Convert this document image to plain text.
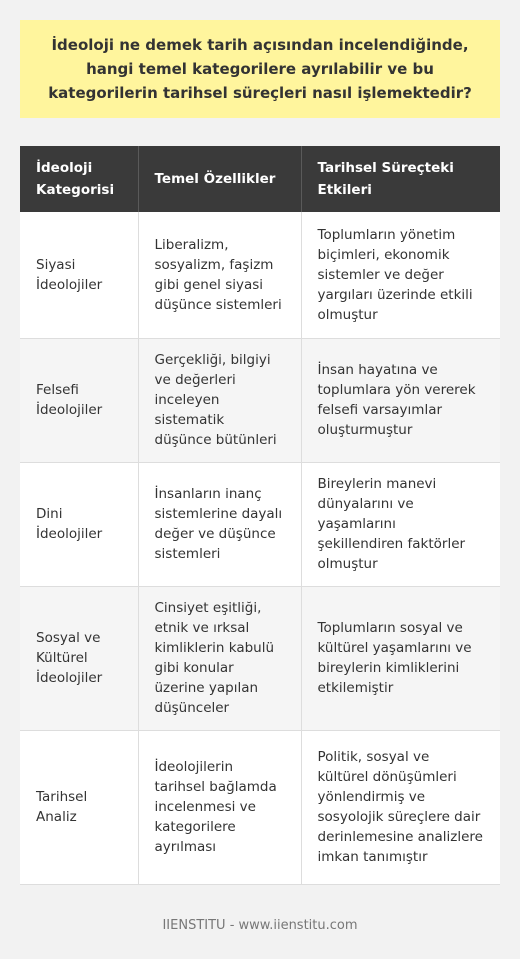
İdeoloji ne demek tarih açısından incelendiğinde, hangi temel kategorilere ayrılabilir ve bu kategorilerin tarihsel süreçleri nasıl işlemektedir?
İdeoloji Kategorisi	Temel Özellikler	Tarihsel Süreçteki Etkileri
Siyasi İdeolojiler	Liberalizm, sosyalizm, faşizm gibi genel siyasi düşünce sistemleri	Toplumların yönetim biçimleri, ekonomik sistemler ve değer yargıları üzerinde etkili olmuştur
Felsefi İdeolojiler	Gerçekliği, bilgiyi ve değerleri inceleyen sistematik düşünce bütünleri	İnsan hayatına ve toplumlara yön vererek felsefi varsayımlar oluşturmuştur
Dini İdeolojiler	İnsanların inanç sistemlerine dayalı değer ve düşünce sistemleri	Bireylerin manevi dünyalarını ve yaşamlarını şekillendiren faktörler olmuştur
Sosyal ve Kültürel İdeolojiler	Cinsiyet eşitliği, etnik ve ırksal kimliklerin kabulü gibi konular üzerine yapılan düşünceler	Toplumların sosyal ve kültürel yaşamlarını ve bireylerin kimliklerini etkilemiştir
Tarihsel Analiz	İdeolojilerin tarihsel bağlamda incelenmesi ve kategorilere ayrılması	Politik, sosyal ve kültürel dönüşümleri yönlendirmiş ve sosyolojik süreçlere dair derinlemesine analizlere imkan tanımıştır
IIENSTITU - www.iienstitu.com
